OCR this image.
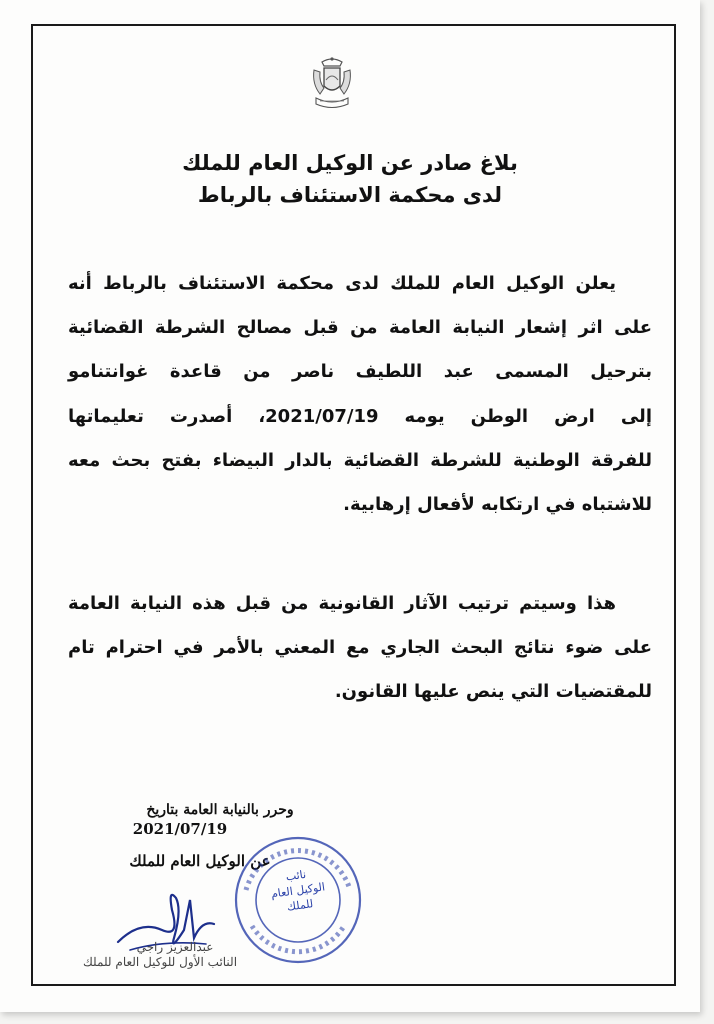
بلاغ صادر عن الوكيل العام للملك
لدى محكمة الاستئناف بالرباط
يعلن الوكيل العام للملك لدى محكمة الاستئناف بالرباط أنه
على اثر إشعار النيابة العامة من قبل مصالح الشرطة القضائية
بترحيل المسمى عبد اللطيف ناصر من قاعدة غوانتنامو
إلى ارض الوطن يومه 2021/07/19، أصدرت تعليماتها
للفرقة الوطنية للشرطة القضائية بالدار البيضاء بفتح بحث معه
للاشتباه في ارتكابه لأفعال إرهابية.
هذا وسيتم ترتيب الآثار القانونية من قبل هذه النيابة العامة
على ضوء نتائج البحث الجاري مع المعني بالأمر في احترام تام
للمقتضيات التي ينص عليها القانون.
وحرر بالنيابة العامة بتاريخ
2021/07/19
عن الوكيل العام للملك
نائب
الوكيل العام
للملك
عبدالعزيز راجي
النائب الأول للوكيل العام للملك
